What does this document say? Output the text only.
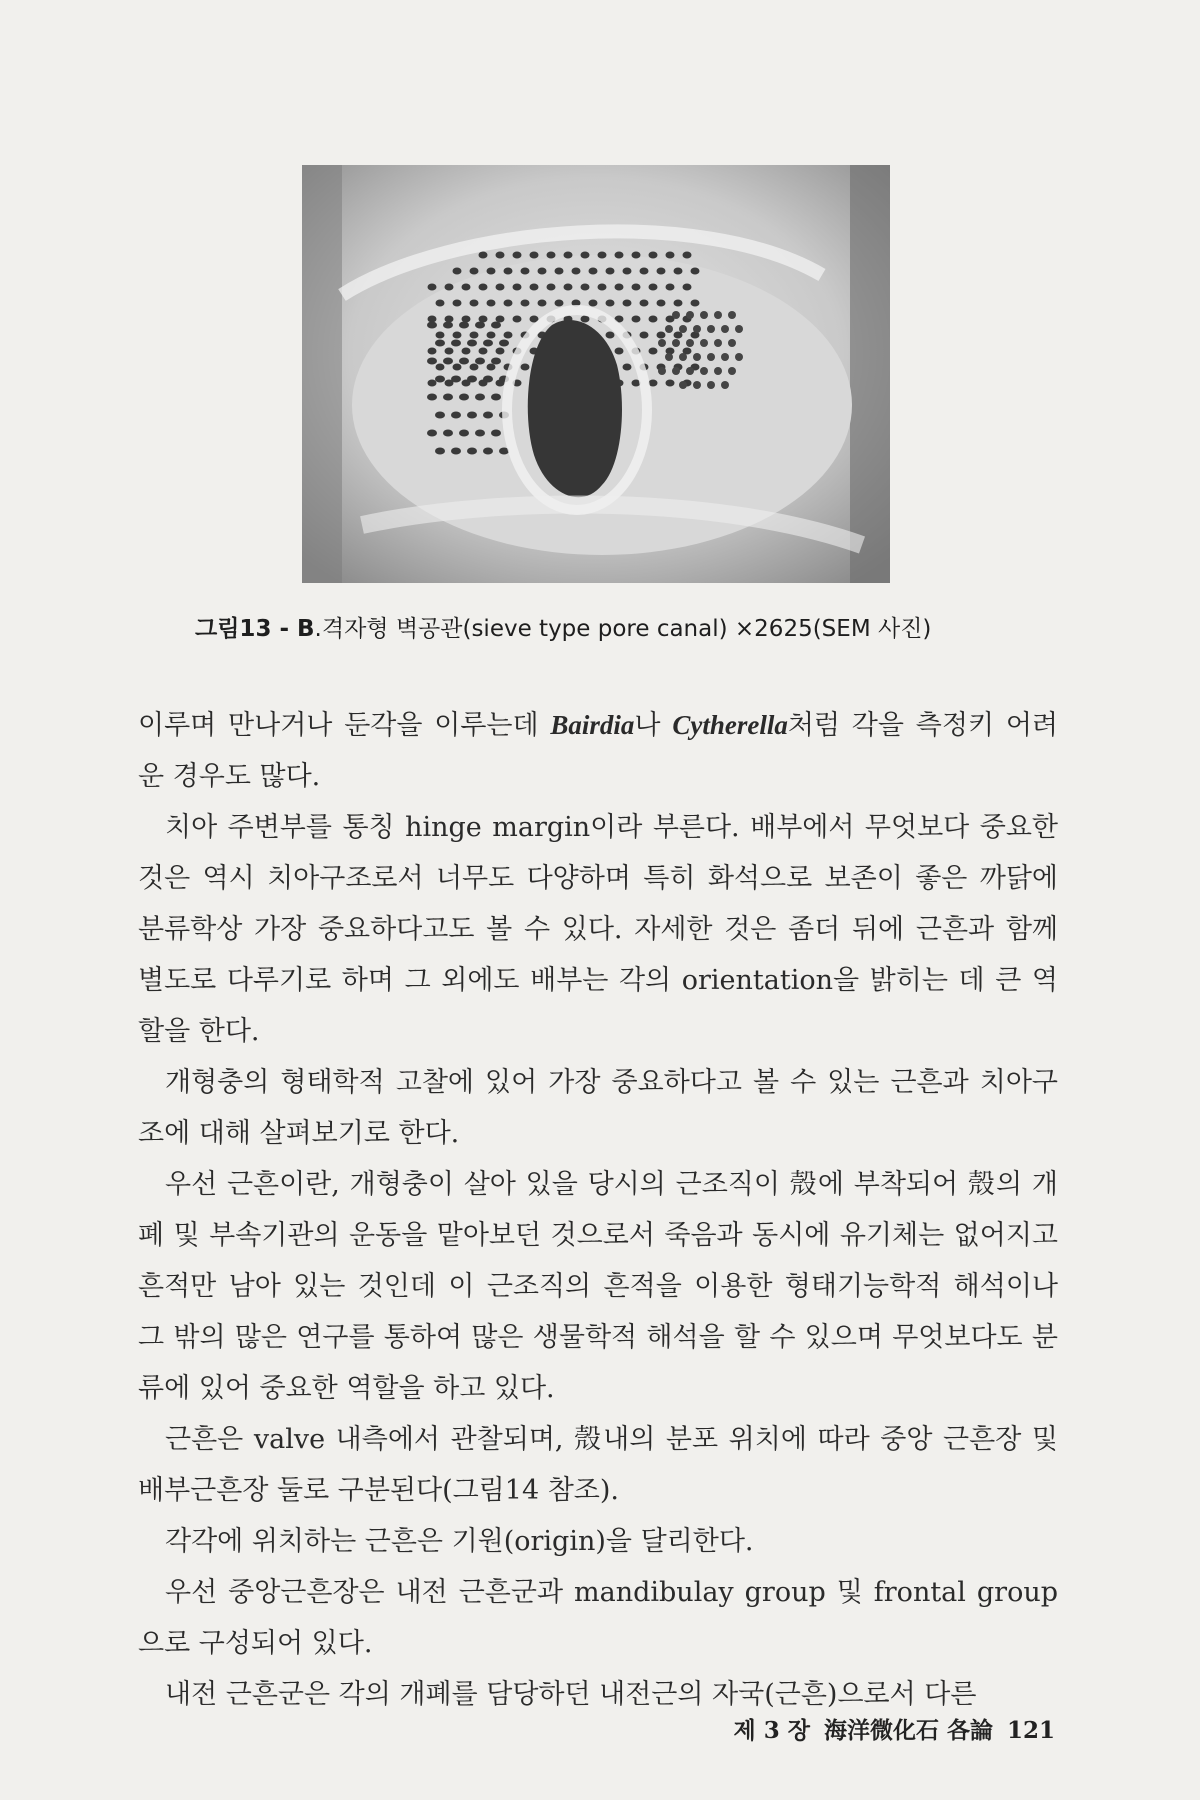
그림13 - B.격자형 벽공관(sieve type pore canal) ×2625(SEM 사진)

이루며 만나거나 둔각을 이루는데 Bairdia나 Cytherella처럼 각을 측정키 어려운 경우도 많다.

치아 주변부를 통칭 hinge margin이라 부른다. 배부에서 무엇보다 중요한 것은 역시 치아구조로서 너무도 다양하며 특히 화석으로 보존이 좋은 까닭에 분류학상 가장 중요하다고도 볼 수 있다. 자세한 것은 좀더 뒤에 근흔과 함께 별도로 다루기로 하며 그 외에도 배부는 각의 orientation을 밝히는 데 큰 역할을 한다.

개형충의 형태학적 고찰에 있어 가장 중요하다고 볼 수 있는 근흔과 치아구조에 대해 살펴보기로 한다.

우선 근흔이란, 개형충이 살아 있을 당시의 근조직이 殼에 부착되어 殼의 개폐 및 부속기관의 운동을 맡아보던 것으로서 죽음과 동시에 유기체는 없어지고 흔적만 남아 있는 것인데 이 근조직의 흔적을 이용한 형태기능학적 해석이나 그 밖의 많은 연구를 통하여 많은 생물학적 해석을 할 수 있으며 무엇보다도 분류에 있어 중요한 역할을 하고 있다.

근흔은 valve 내측에서 관찰되며, 殼내의 분포 위치에 따라 중앙 근흔장 및 배부근흔장 둘로 구분된다(그림14 참조).

각각에 위치하는 근흔은 기원(origin)을 달리한다.

우선 중앙근흔장은 내전 근흔군과 mandibulay group 및 frontal group 으로 구성되어 있다.

내전 근흔군은 각의 개폐를 담당하던 내전근의 자국(근흔)으로서 다른

제 3 장 海洋微化石 各論 121
